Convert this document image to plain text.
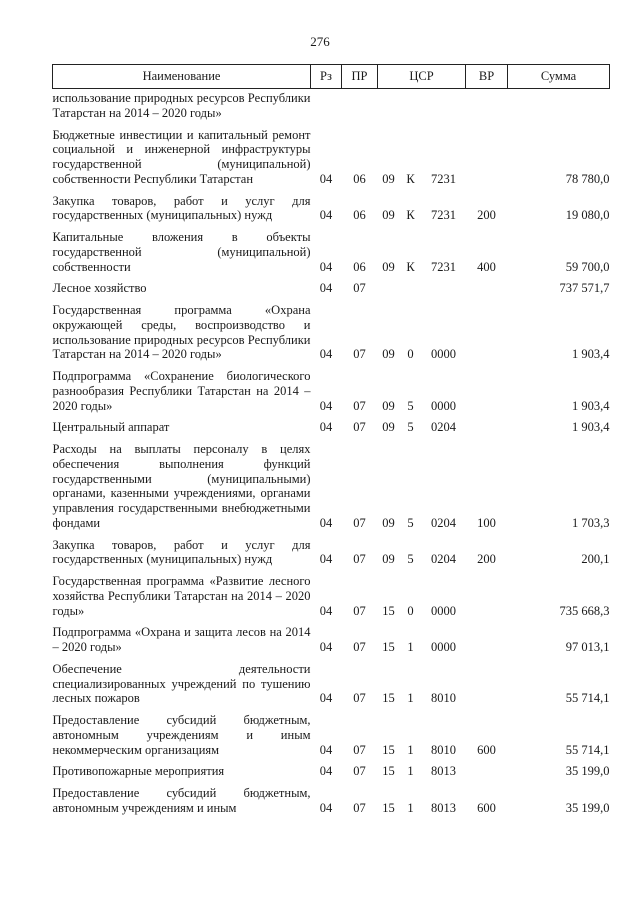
276
Наименование	Рз	ПР	ЦСР			ВР	Сумма

использование природных ресурсов Республики Татарстан на 2014 – 2020 годы»							

Бюджетные инвестиции и капитальный ремонт социальной и инженерной инфраструктуры государственной (муниципальной) собственности Республики Татарстан	04	06	09	К	7231		78 780,0

Закупка товаров, работ и услуг для государственных (муниципальных) нужд	04	06	09	К	7231	200	19 080,0

Капитальные вложения в объекты государственной (муниципальной) собственности	04	06	09	К	7231	400	59 700,0

Лесное хозяйство	04	07					737 571,7

Государственная программа «Охрана окружающей среды, воспроизводство и использование природных ресурсов Республики Татарстан на 2014 – 2020 годы»	04	07	09	0	0000		1 903,4

Подпрограмма «Сохранение биологического разнообразия Республики Татарстан на 2014 – 2020 годы»	04	07	09	5	0000		1 903,4

Центральный аппарат	04	07	09	5	0204		1 903,4

Расходы на выплаты персоналу в целях обеспечения выполнения функций государственными (муниципальными) органами, казенными учреждениями, органами управления государственными внебюджетными фондами	04	07	09	5	0204	100	1 703,3

Закупка товаров, работ и услуг для государственных (муниципальных) нужд	04	07	09	5	0204	200	200,1

Государственная программа «Развитие лесного хозяйства Республики Татарстан на 2014 – 2020 годы»	04	07	15	0	0000		735 668,3

Подпрограмма «Охрана и защита лесов на 2014 – 2020 годы»	04	07	15	1	0000		97 013,1

Обеспечение деятельности специализированных учреждений по тушению лесных пожаров	04	07	15	1	8010		55 714,1

Предоставление субсидий бюджетным, автономным учреждениям и иным некоммерческим организациям	04	07	15	1	8010	600	55 714,1

Противопожарные мероприятия	04	07	15	1	8013		35 199,0

Предоставление субсидий бюджетным, автономным учреждениям и иным	04	07	15	1	8013	600	35 199,0
